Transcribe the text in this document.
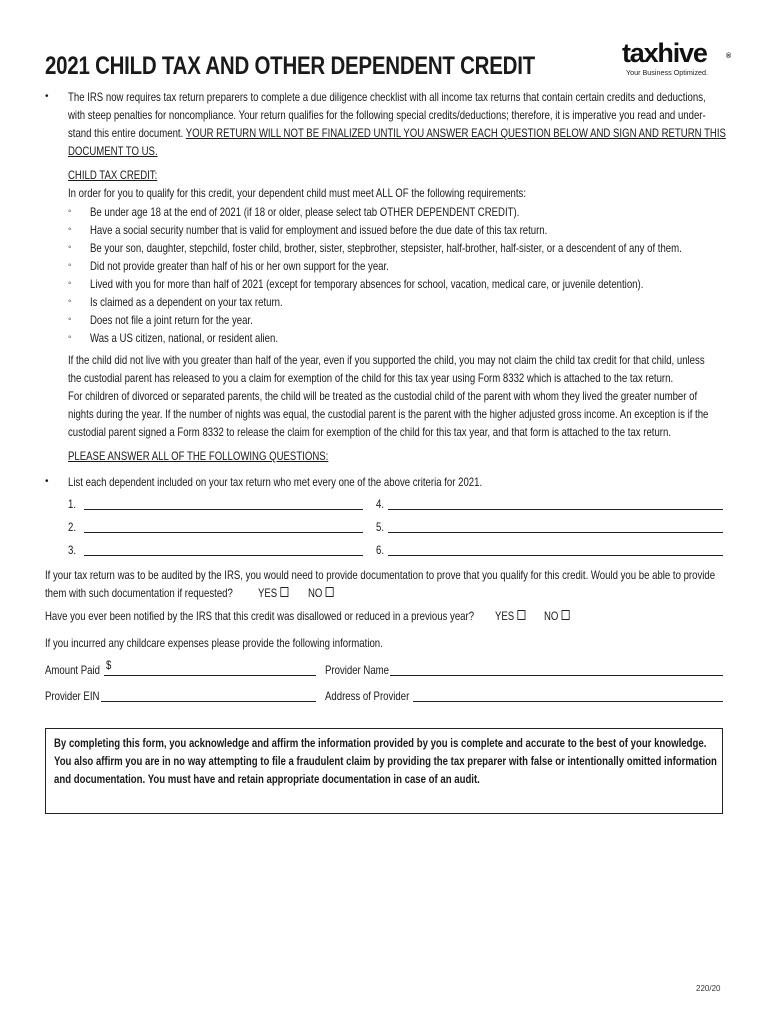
2021 CHILD TAX AND OTHER DEPENDENT CREDIT	taxhive	®
Your Business Optimized.
• The IRS now requires tax return preparers to complete a due diligence checklist with all income tax returns that contain certain credits and deductions,
with steep penalties for noncompliance. Your return qualifies for the following special credits/deductions; therefore, it is imperative you read and under-
stand this entire document. YOUR RETURN WILL NOT BE FINALIZED UNTIL YOU ANSWER EACH QUESTION BELOW AND SIGN AND RETURN THIS
DOCUMENT TO US.
CHILD TAX CREDIT:
In order for you to qualify for this credit, your dependent child must meet ALL OF the following requirements:
◦ Be under age 18 at the end of 2021 (if 18 or older, please select tab OTHER DEPENDENT CREDIT).
◦ Have a social security number that is valid for employment and issued before the due date of this tax return.
◦ Be your son, daughter, stepchild, foster child, brother, sister, stepbrother, stepsister, half-brother, half-sister, or a descendent of any of them.
◦ Did not provide greater than half of his or her own support for the year.
◦ Lived with you for more than half of 2021 (except for temporary absences for school, vacation, medical care, or juvenile detention).
◦ Is claimed as a dependent on your tax return.
◦ Does not file a joint return for the year.
◦ Was a US citizen, national, or resident alien.
If the child did not live with you greater than half of the year, even if you supported the child, you may not claim the child tax credit for that child, unless
the custodial parent has released to you a claim for exemption of the child for this tax year using Form 8332 which is attached to the tax return.
For children of divorced or separated parents, the child will be treated as the custodial child of the parent with whom they lived the greater number of
nights during the year. If the number of nights was equal, the custodial parent is the parent with the higher adjusted gross income. An exception is if the
custodial parent signed a Form 8332 to release the claim for exemption of the child for this tax year, and that form is attached to the tax return.
PLEASE ANSWER ALL OF THE FOLLOWING QUESTIONS:
• List each dependent included on your tax return who met every one of the above criteria for 2021.
1.	4.
2.	5.
3.	6.
If your tax return was to be audited by the IRS, you would need to provide documentation to prove that you qualify for this credit. Would you be able to provide
them with such documentation if requested? YES	NO
Have you ever been notified by the IRS that this credit was disallowed or reduced in a previous year? YES	NO
If you incurred any childcare expenses please provide the following information.
Amount Paid $	Provider Name
Provider EIN	Address of Provider
By completing this form, you acknowledge and affirm the information provided by you is complete and accurate to the best of your knowledge.
You also affirm you are in no way attempting to file a fraudulent claim by providing the tax preparer with false or intentionally omitted information
and documentation. You must have and retain appropriate documentation in case of an audit.
220/20
